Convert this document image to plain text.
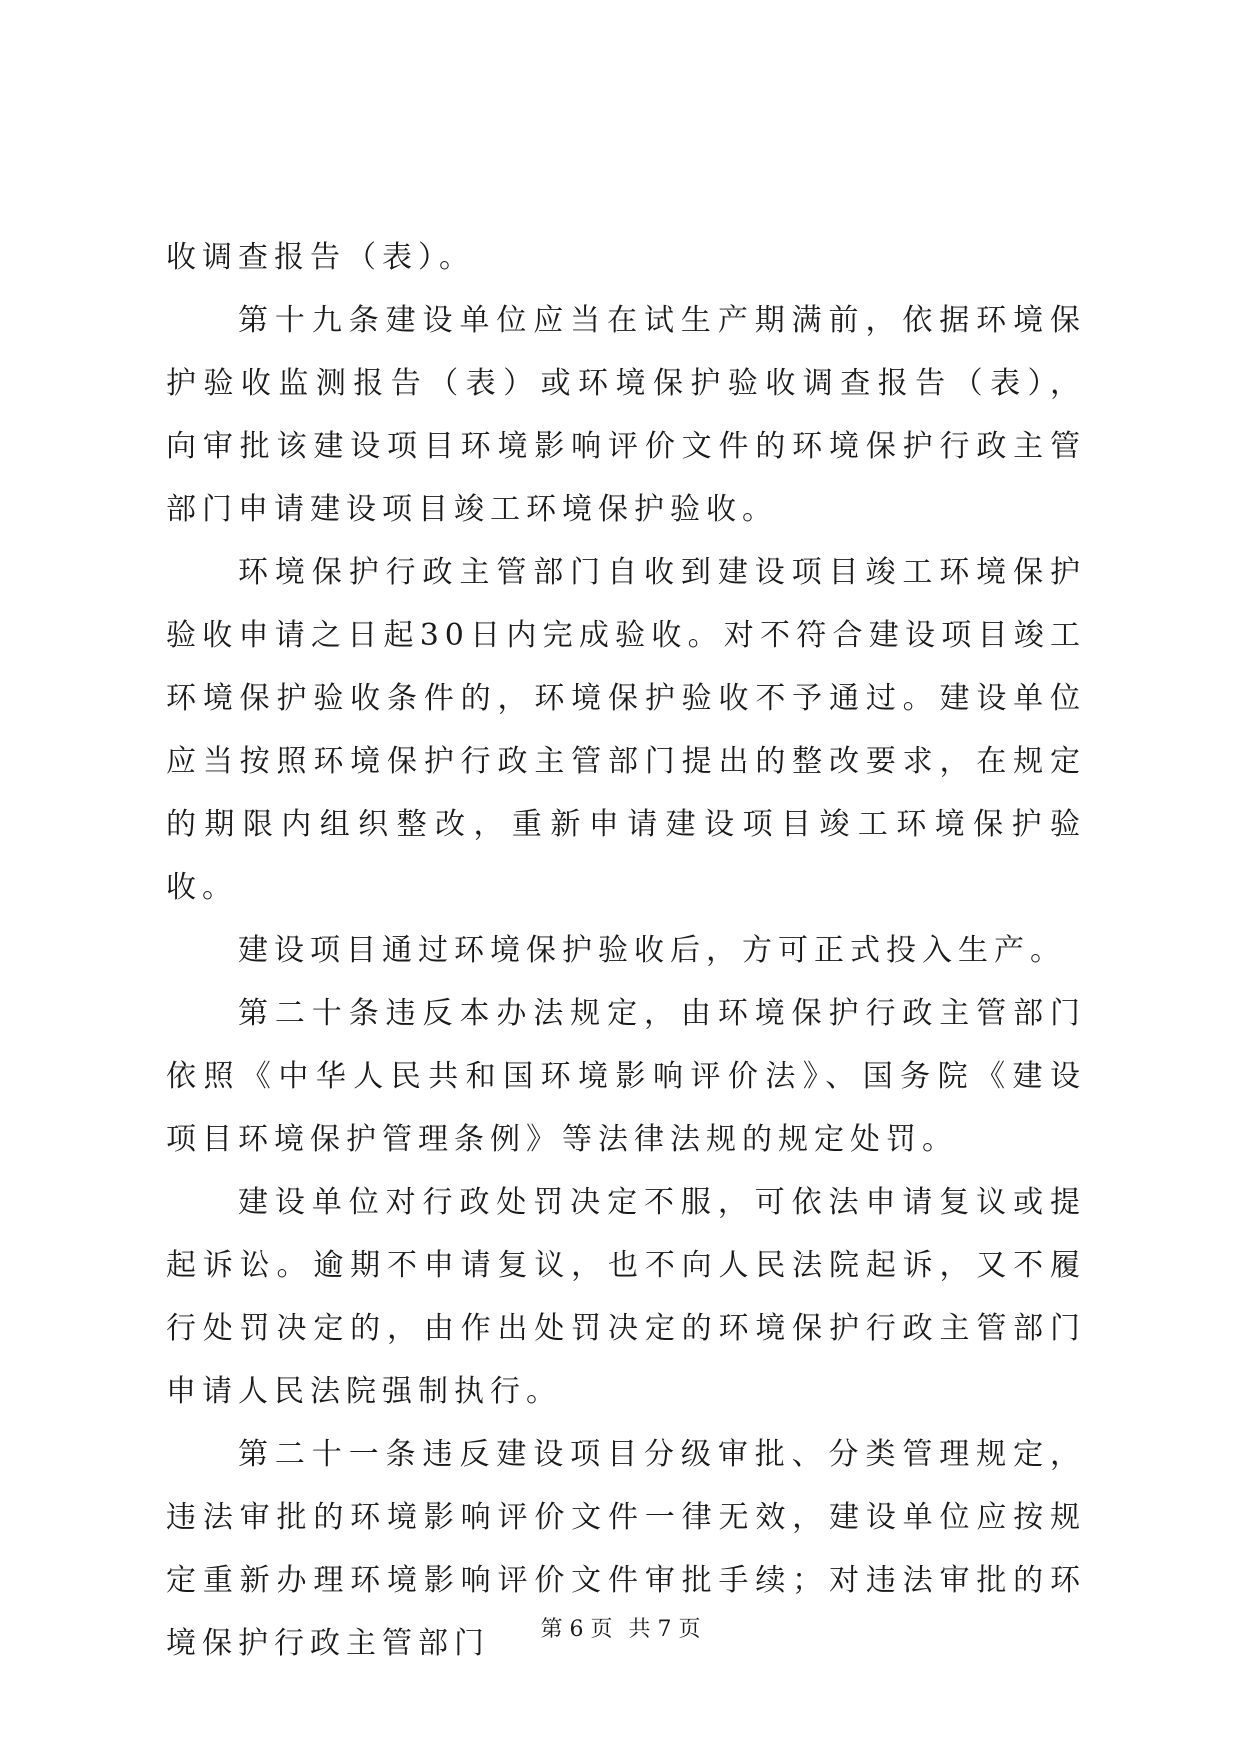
收调查报告（表）。

第十九条建设单位应当在试生产期满前，依据环境保护验收监测报告（表）或环境保护验收调查报告（表），向审批该建设项目环境影响评价文件的环境保护行政主管部门申请建设项目竣工环境保护验收。

环境保护行政主管部门自收到建设项目竣工环境保护验收申请之日起30日内完成验收。对不符合建设项目竣工环境保护验收条件的，环境保护验收不予通过。建设单位应当按照环境保护行政主管部门提出的整改要求，在规定的期限内组织整改，重新申请建设项目竣工环境保护验收。

建设项目通过环境保护验收后，方可正式投入生产。

第二十条违反本办法规定，由环境保护行政主管部门依照《中华人民共和国环境影响评价法》、国务院《建设项目环境保护管理条例》等法律法规的规定处罚。

建设单位对行政处罚决定不服，可依法申请复议或提起诉讼。逾期不申请复议，也不向人民法院起诉，又不履行处罚决定的，由作出处罚决定的环境保护行政主管部门申请人民法院强制执行。

第二十一条违反建设项目分级审批、分类管理规定，违法审批的环境影响评价文件一律无效，建设单位应按规定重新办理环境影响评价文件审批手续；对违法审批的环境保护行政主管部门	第 6 页 共 7 页
